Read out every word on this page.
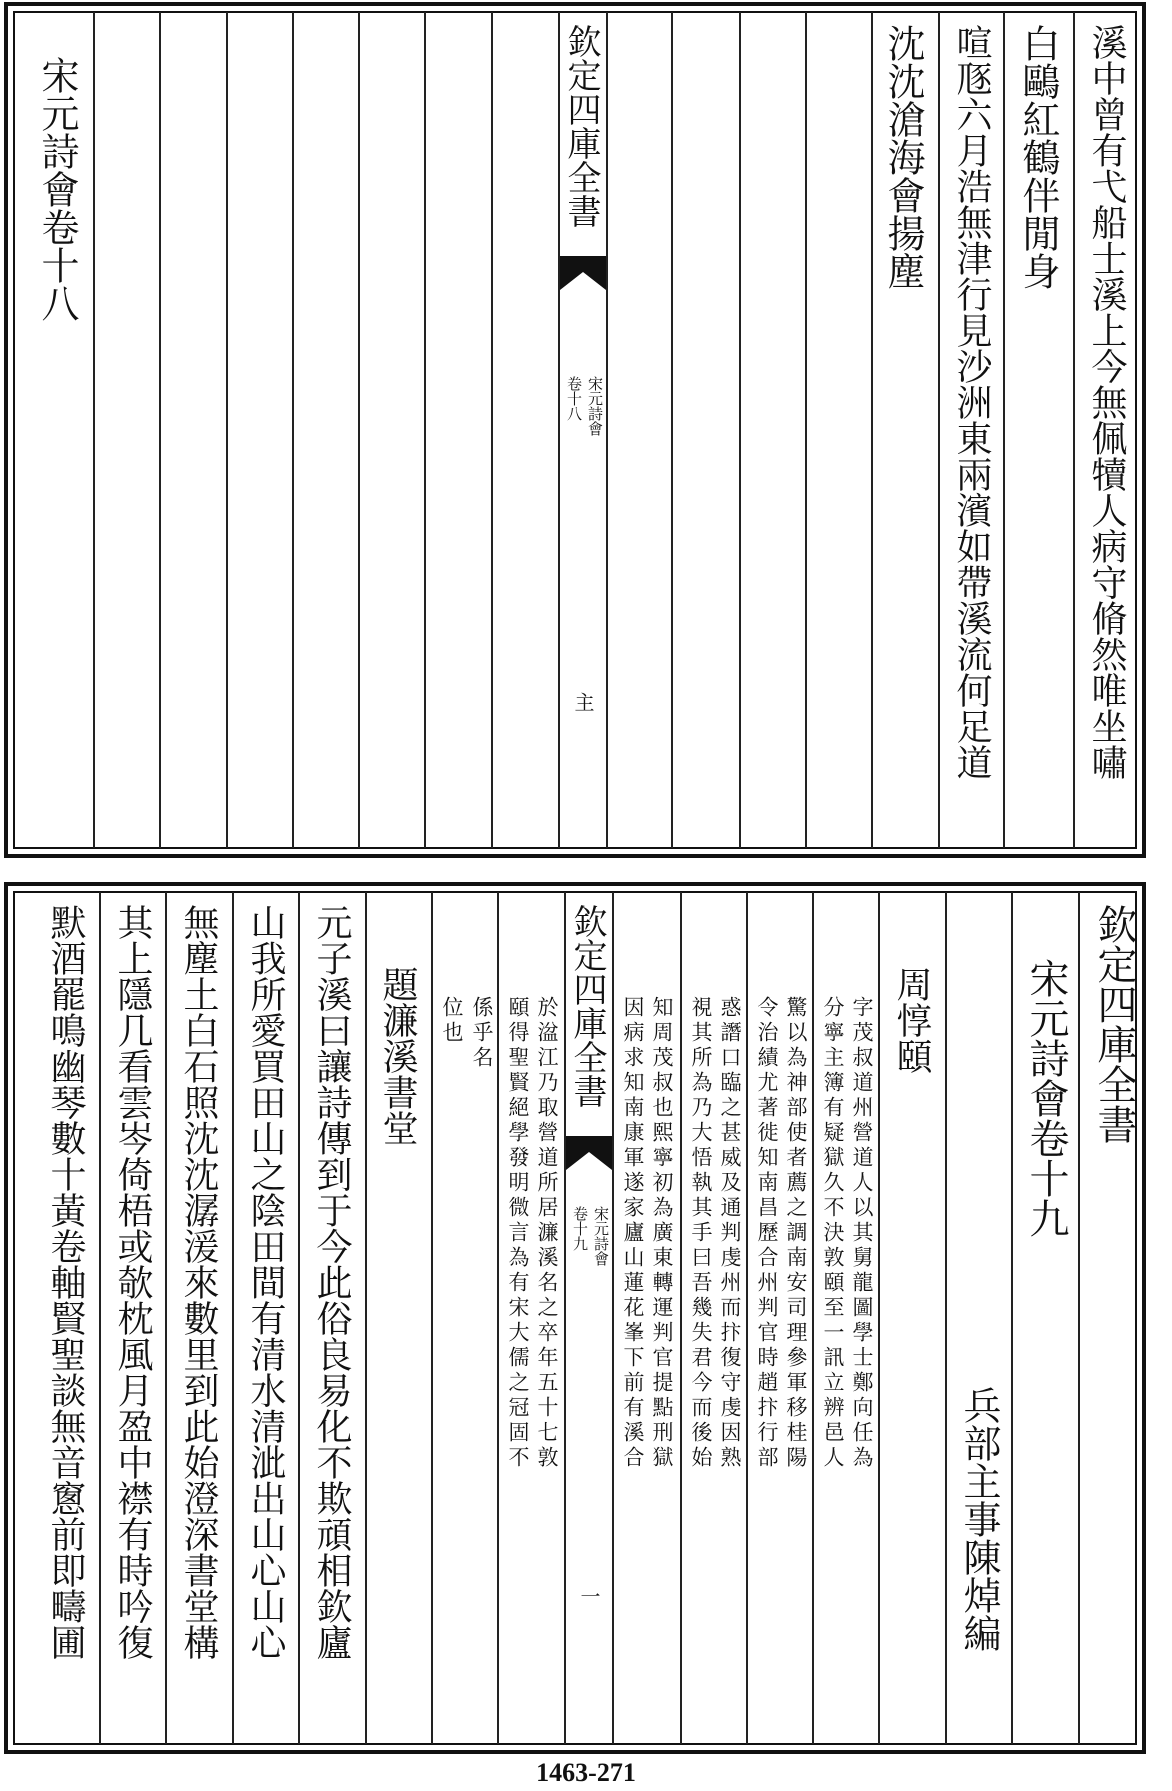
溪中曾有弋船士溪上今無佩犢人病守脩然唯坐嘯
白鷗紅鶴伴閒身
喧豗六月浩無津行見沙洲東兩濱如帶溪流何足道
沈沈滄海會揚塵
欽定四庫全書
宋元詩會
卷十八
主
宋元詩會卷十八
欽定四庫全書
宋元詩會卷十九
兵部主事陳焯編
周惇頤
字茂叔道州營道人以其舅龍圖學士鄭向任為
分寧主簿有疑獄久不決敦頤至一訊立辨邑人
驚以為神部使者薦之調南安司理參軍移桂陽
令治績尤著徙知南昌歷合州判官時趙抃行部
惑譖口臨之甚威及通判虔州而抃復守虔因熟
視其所為乃大悟執其手曰吾幾失君今而後始
知周茂叔也熙寧初為廣東轉運判官提點刑獄
因病求知南康軍遂家廬山蓮花峯下前有溪合
於湓江乃取營道所居濂溪名之卒年五十七敦
頤得聖賢絕學發明微言為有宋大儒之冠固不
係乎名
位也	欽定四庫全書
宋元詩會
卷十九
一
題濂溪書堂
元子溪曰讓詩傳到于今此俗良易化不欺頑相欽廬
山我所愛買田山之陰田間有清水清泚出山心山心
無塵土白石照沈沈潺湲來數里到此始澄深書堂構
其上隱几看雲岑倚梧或欹枕風月盈中襟有時吟復
默酒罷鳴幽琴數十黃卷軸賢聖談無音窻前即疇圃
1463-271
